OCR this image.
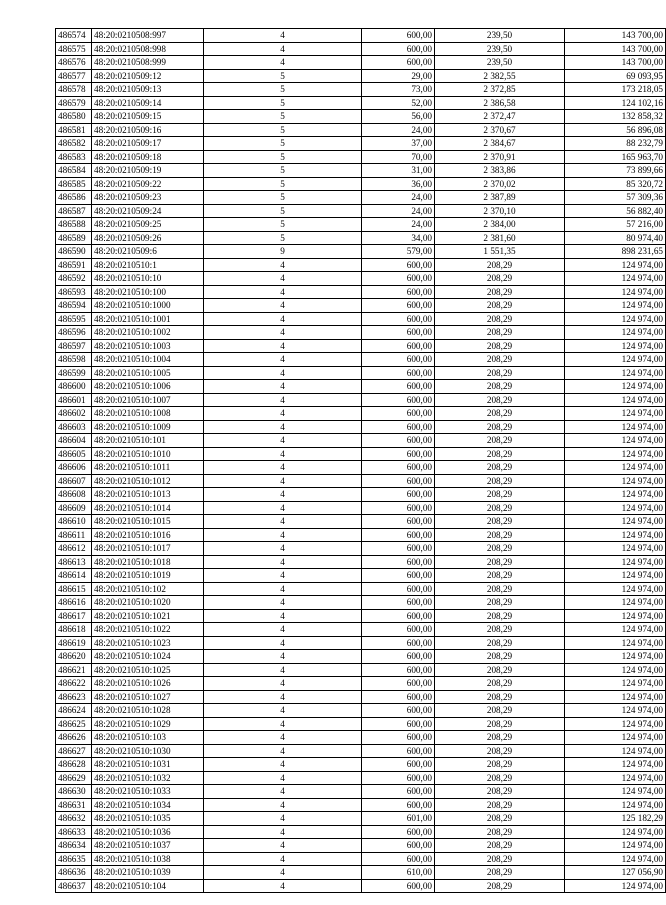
486574	48:20:0210508:997	4	600,00	239,50	143 700,00
486575	48:20:0210508:998	4	600,00	239,50	143 700,00
486576	48:20:0210508:999	4	600,00	239,50	143 700,00
486577	48:20:0210509:12	5	29,00	2 382,55	69 093,95
486578	48:20:0210509:13	5	73,00	2 372,85	173 218,05
486579	48:20:0210509:14	5	52,00	2 386,58	124 102,16
486580	48:20:0210509:15	5	56,00	2 372,47	132 858,32
486581	48:20:0210509:16	5	24,00	2 370,67	56 896,08
486582	48:20:0210509:17	5	37,00	2 384,67	88 232,79
486583	48:20:0210509:18	5	70,00	2 370,91	165 963,70
486584	48:20:0210509:19	5	31,00	2 383,86	73 899,66
486585	48:20:0210509:22	5	36,00	2 370,02	85 320,72
486586	48:20:0210509:23	5	24,00	2 387,89	57 309,36
486587	48:20:0210509:24	5	24,00	2 370,10	56 882,40
486588	48:20:0210509:25	5	24,00	2 384,00	57 216,00
486589	48:20:0210509:26	5	34,00	2 381,60	80 974,40
486590	48:20:0210509:6	9	579,00	1 551,35	898 231,65
486591	48:20:0210510:1	4	600,00	208,29	124 974,00
486592	48:20:0210510:10	4	600,00	208,29	124 974,00
486593	48:20:0210510:100	4	600,00	208,29	124 974,00
486594	48:20:0210510:1000	4	600,00	208,29	124 974,00
486595	48:20:0210510:1001	4	600,00	208,29	124 974,00
486596	48:20:0210510:1002	4	600,00	208,29	124 974,00
486597	48:20:0210510:1003	4	600,00	208,29	124 974,00
486598	48:20:0210510:1004	4	600,00	208,29	124 974,00
486599	48:20:0210510:1005	4	600,00	208,29	124 974,00
486600	48:20:0210510:1006	4	600,00	208,29	124 974,00
486601	48:20:0210510:1007	4	600,00	208,29	124 974,00
486602	48:20:0210510:1008	4	600,00	208,29	124 974,00
486603	48:20:0210510:1009	4	600,00	208,29	124 974,00
486604	48:20:0210510:101	4	600,00	208,29	124 974,00
486605	48:20:0210510:1010	4	600,00	208,29	124 974,00
486606	48:20:0210510:1011	4	600,00	208,29	124 974,00
486607	48:20:0210510:1012	4	600,00	208,29	124 974,00
486608	48:20:0210510:1013	4	600,00	208,29	124 974,00
486609	48:20:0210510:1014	4	600,00	208,29	124 974,00
486610	48:20:0210510:1015	4	600,00	208,29	124 974,00
486611	48:20:0210510:1016	4	600,00	208,29	124 974,00
486612	48:20:0210510:1017	4	600,00	208,29	124 974,00
486613	48:20:0210510:1018	4	600,00	208,29	124 974,00
486614	48:20:0210510:1019	4	600,00	208,29	124 974,00
486615	48:20:0210510:102	4	600,00	208,29	124 974,00
486616	48:20:0210510:1020	4	600,00	208,29	124 974,00
486617	48:20:0210510:1021	4	600,00	208,29	124 974,00
486618	48:20:0210510:1022	4	600,00	208,29	124 974,00
486619	48:20:0210510:1023	4	600,00	208,29	124 974,00
486620	48:20:0210510:1024	4	600,00	208,29	124 974,00
486621	48:20:0210510:1025	4	600,00	208,29	124 974,00
486622	48:20:0210510:1026	4	600,00	208,29	124 974,00
486623	48:20:0210510:1027	4	600,00	208,29	124 974,00
486624	48:20:0210510:1028	4	600,00	208,29	124 974,00
486625	48:20:0210510:1029	4	600,00	208,29	124 974,00
486626	48:20:0210510:103	4	600,00	208,29	124 974,00
486627	48:20:0210510:1030	4	600,00	208,29	124 974,00
486628	48:20:0210510:1031	4	600,00	208,29	124 974,00
486629	48:20:0210510:1032	4	600,00	208,29	124 974,00
486630	48:20:0210510:1033	4	600,00	208,29	124 974,00
486631	48:20:0210510:1034	4	600,00	208,29	124 974,00
486632	48:20:0210510:1035	4	601,00	208,29	125 182,29
486633	48:20:0210510:1036	4	600,00	208,29	124 974,00
486634	48:20:0210510:1037	4	600,00	208,29	124 974,00
486635	48:20:0210510:1038	4	600,00	208,29	124 974,00
486636	48:20:0210510:1039	4	610,00	208,29	127 056,90
486637	48:20:0210510:104	4	600,00	208,29	124 974,00
